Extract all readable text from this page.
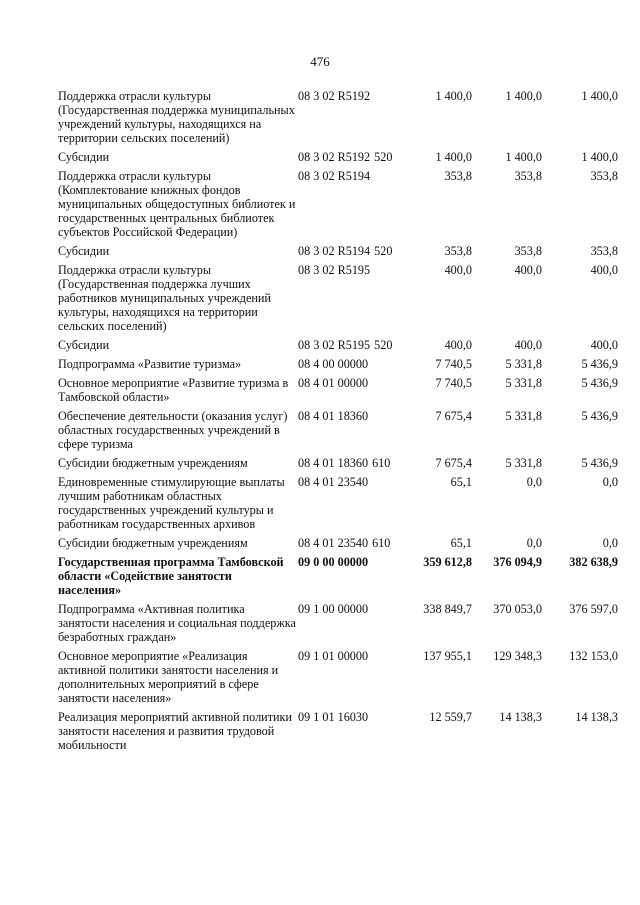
476
Поддержка отрасли культуры (Государственная поддержка муниципальных учреждений культуры, находящихся на территории сельских поселений)	08 3 02 R5192	1 400,0	1 400,0	1 400,0
Субсидии	08 3 02 R5192 520	1 400,0	1 400,0	1 400,0
Поддержка отрасли культуры (Комплектование книжных фондов муниципальных общедоступных библиотек и государственных центральных библиотек субъектов Российской Федерации)	08 3 02 R5194	353,8	353,8	353,8
Субсидии	08 3 02 R5194 520	353,8	353,8	353,8
Поддержка отрасли культуры (Государственная поддержка лучших работников муниципальных учреждений культуры, находящихся на территории сельских поселений)	08 3 02 R5195	400,0	400,0	400,0
Субсидии	08 3 02 R5195 520	400,0	400,0	400,0
Подпрограмма «Развитие туризма»	08 4 00 00000	7 740,5	5 331,8	5 436,9
Основное мероприятие «Развитие туризма в Тамбовской области»	08 4 01 00000	7 740,5	5 331,8	5 436,9
Обеспечение деятельности (оказания услуг) областных государственных учреждений в сфере туризма	08 4 01 18360	7 675,4	5 331,8	5 436,9
Субсидии бюджетным учреждениям	08 4 01 18360 610	7 675,4	5 331,8	5 436,9
Единовременные стимулирующие выплаты лучшим работникам областных государственных учреждений культуры и работникам государственных архивов	08 4 01 23540	65,1	0,0	0,0
Субсидии бюджетным учреждениям	08 4 01 23540 610	65,1	0,0	0,0
Государственная программа Тамбовской области «Содействие занятости населения»	09 0 00 00000	359 612,8	376 094,9	382 638,9
Подпрограмма «Активная политика занятости населения и социальная поддержка безработных граждан»	09 1 00 00000	338 849,7	370 053,0	376 597,0
Основное мероприятие «Реализация активной политики занятости населения и дополнительных мероприятий в сфере занятости населения»	09 1 01 00000	137 955,1	129 348,3	132 153,0
Реализация мероприятий активной политики занятости населения и развития трудовой мобильности	09 1 01 16030	12 559,7	14 138,3	14 138,3
